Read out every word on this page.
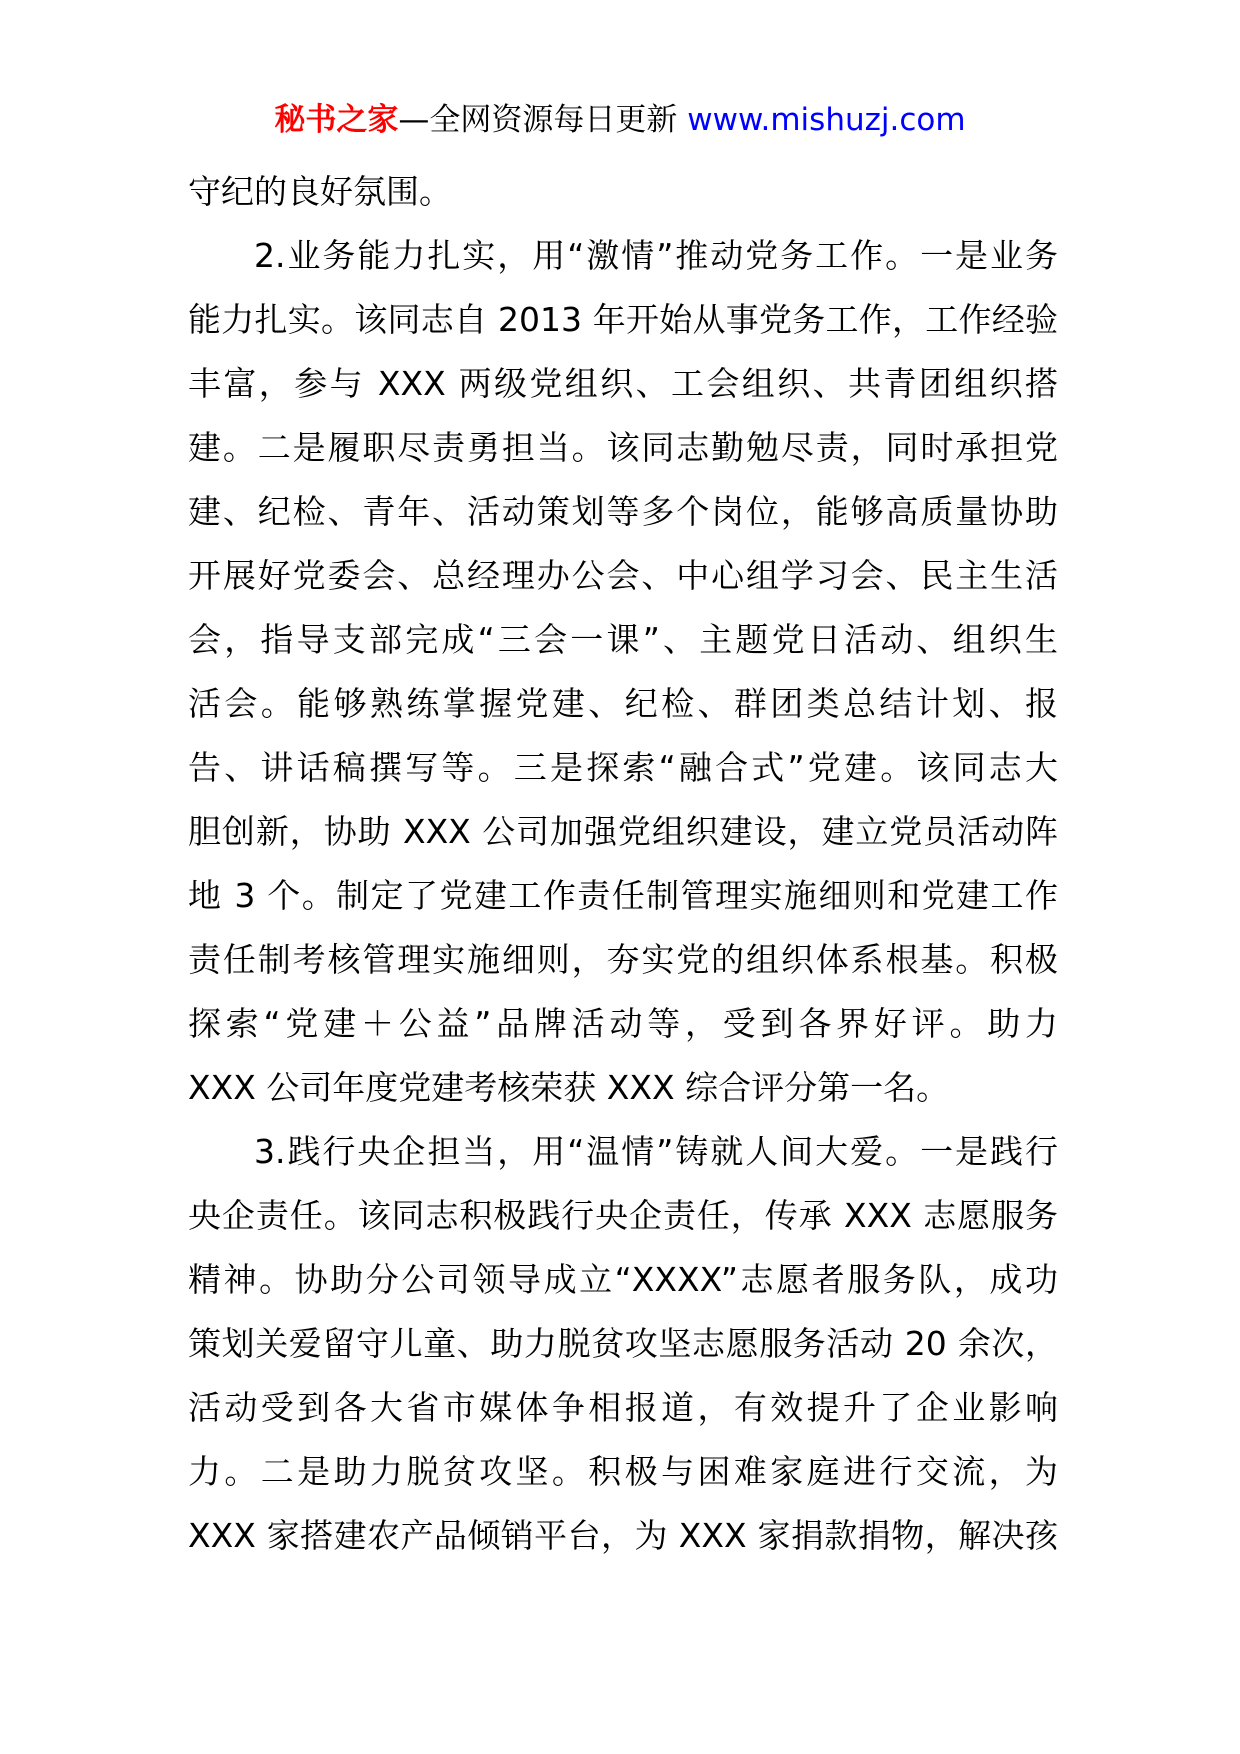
秘书之家—全网资源每日更新 www.mishuzj.com
守纪的良好氛围。
2.业务能力扎实，用“激情”推动党务工作。一是业务
能力扎实。该同志自 2013 年开始从事党务工作，工作经验
丰富，参与 XXX 两级党组织、工会组织、共青团组织搭
建。二是履职尽责勇担当。该同志勤勉尽责，同时承担党
建、纪检、青年、活动策划等多个岗位，能够高质量协助
开展好党委会、总经理办公会、中心组学习会、民主生活
会，指导支部完成“三会一课”、主题党日活动、组织生
活会。能够熟练掌握党建、纪检、群团类总结计划、报
告、讲话稿撰写等。三是探索“融合式”党建。该同志大
胆创新，协助 XXX 公司加强党组织建设，建立党员活动阵
地 3 个。制定了党建工作责任制管理实施细则和党建工作
责任制考核管理实施细则，夯实党的组织体系根基。积极
探索“党建＋公益”品牌活动等，受到各界好评。助力
XXX 公司年度党建考核荣获 XXX 综合评分第一名。
3.践行央企担当，用“温情”铸就人间大爱。一是践行
央企责任。该同志积极践行央企责任，传承 XXX 志愿服务
精神。协助分公司领导成立“XXXX”志愿者服务队，成功
策划关爱留守儿童、助力脱贫攻坚志愿服务活动 20 余次，
活动受到各大省市媒体争相报道，有效提升了企业影响
力。二是助力脱贫攻坚。积极与困难家庭进行交流，为
XXX 家搭建农产品倾销平台，为 XXX 家捐款捐物，解决孩
